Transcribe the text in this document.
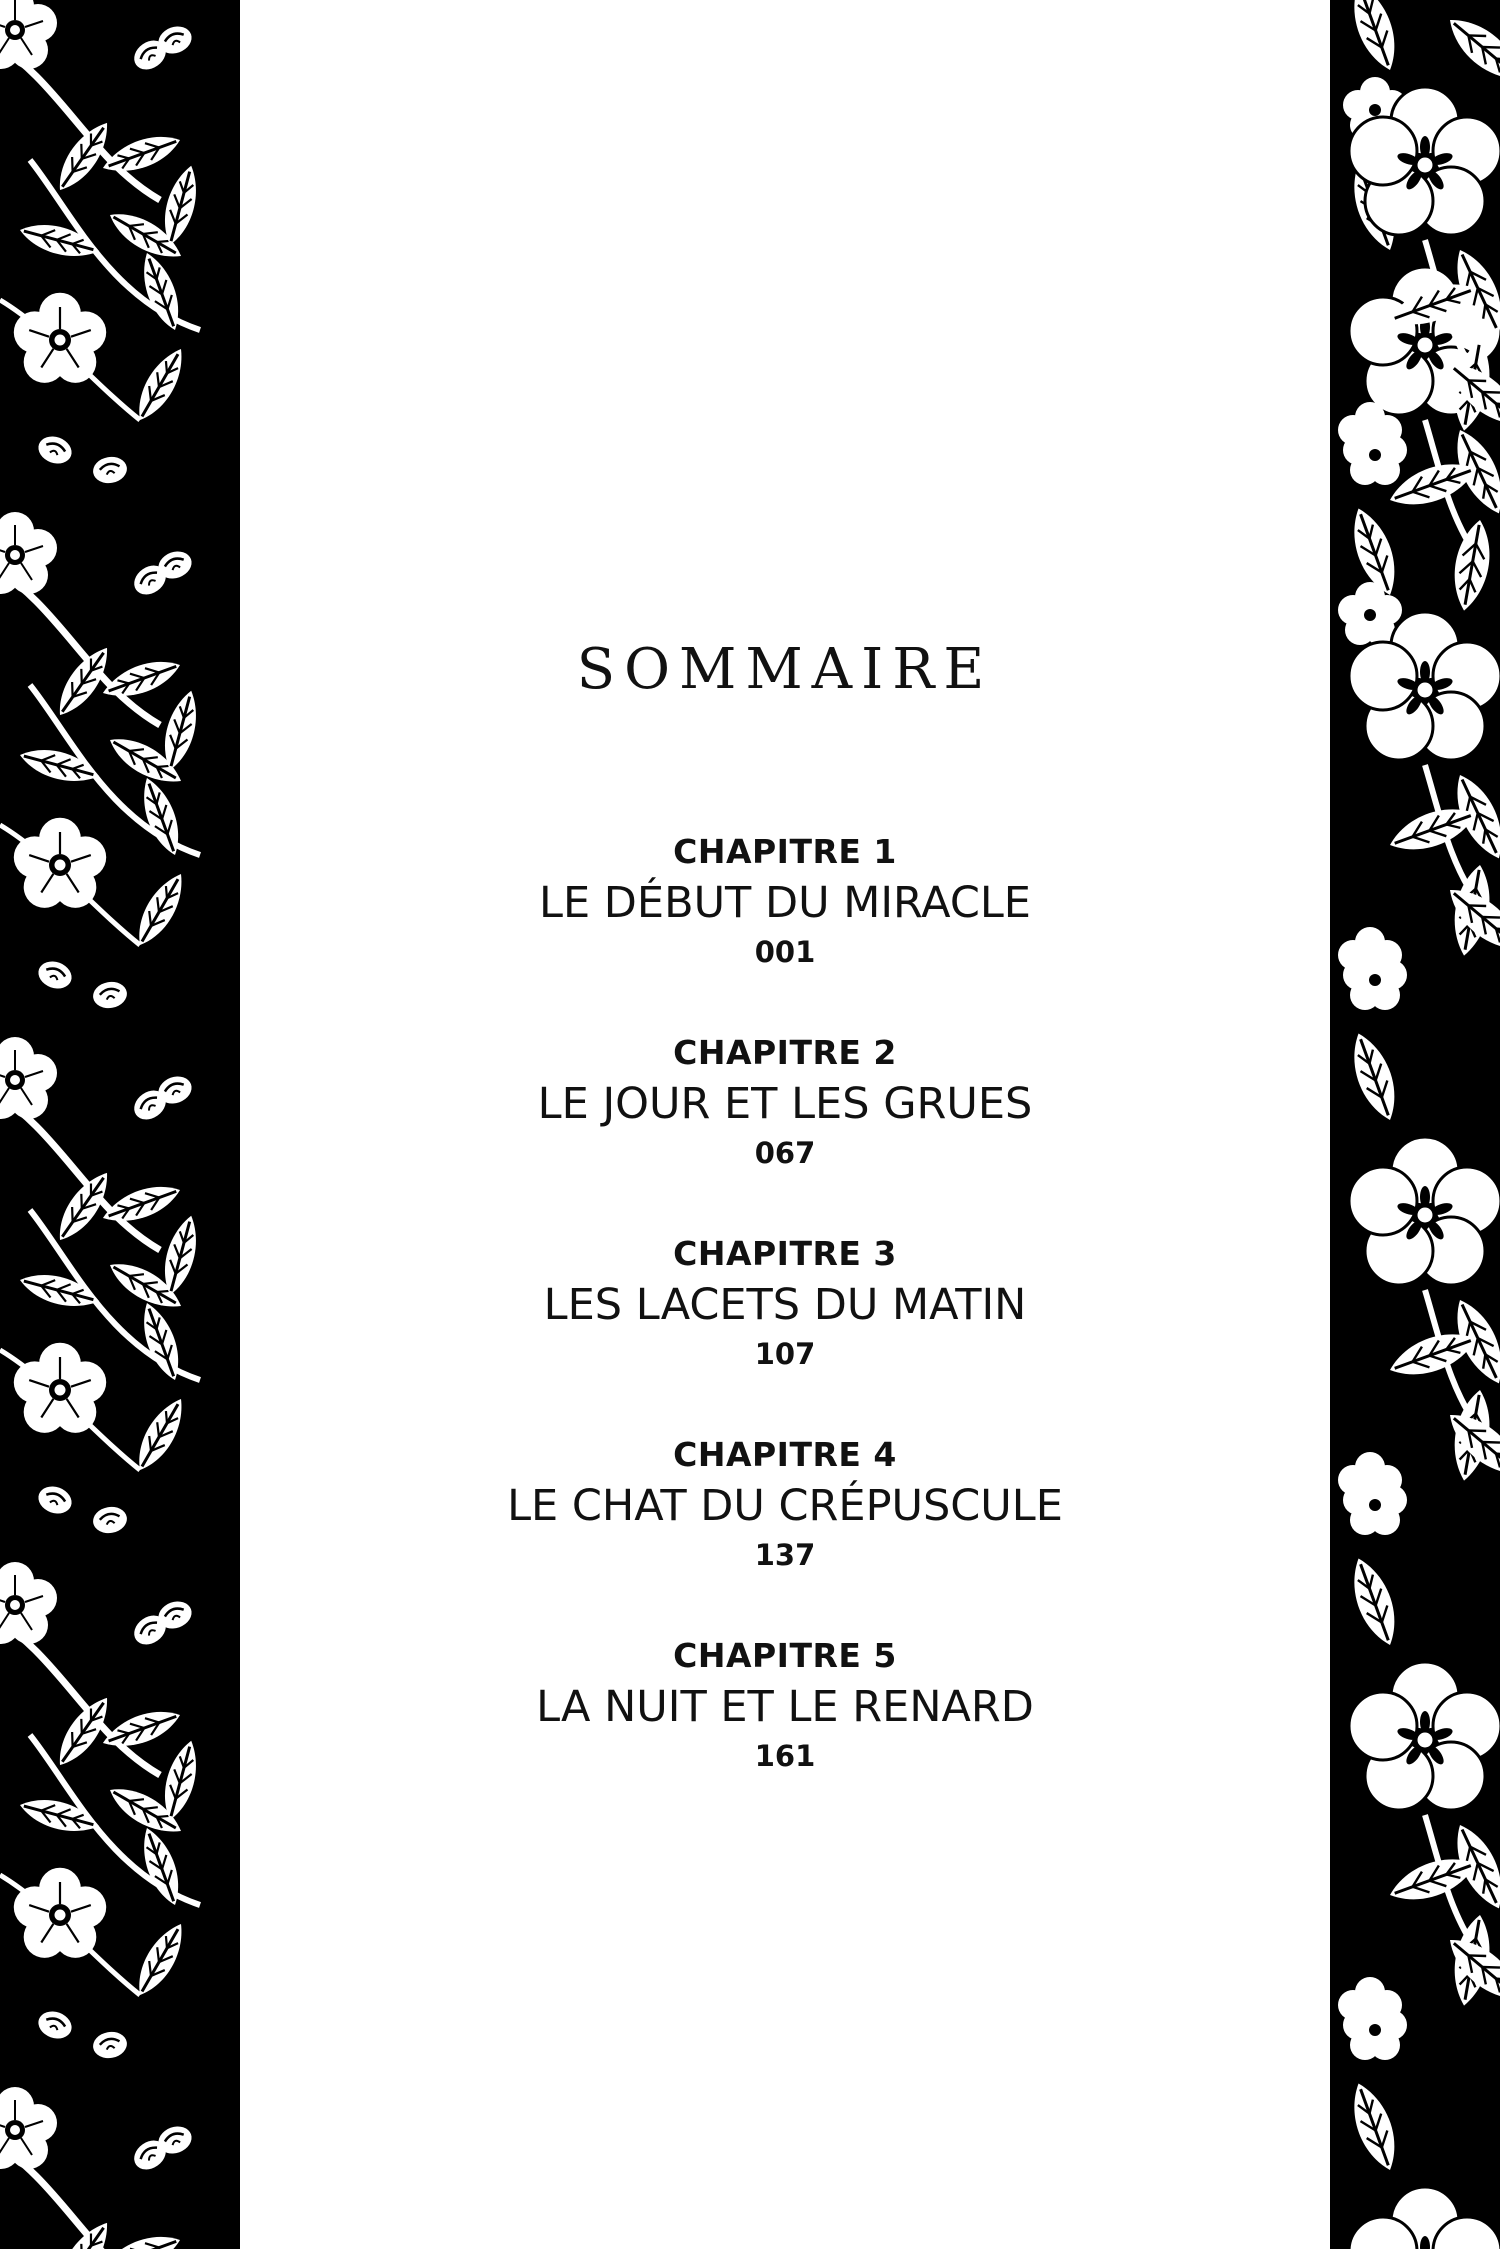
SOMMAIRE
CHAPITRE 1
LE DÉBUT DU MIRACLE
001
CHAPITRE 2
LE JOUR ET LES GRUES
067
CHAPITRE 3
LES LACETS DU MATIN
107
CHAPITRE 4
LE CHAT DU CRÉPUSCULE
137
CHAPITRE 5
LA NUIT ET LE RENARD
161
